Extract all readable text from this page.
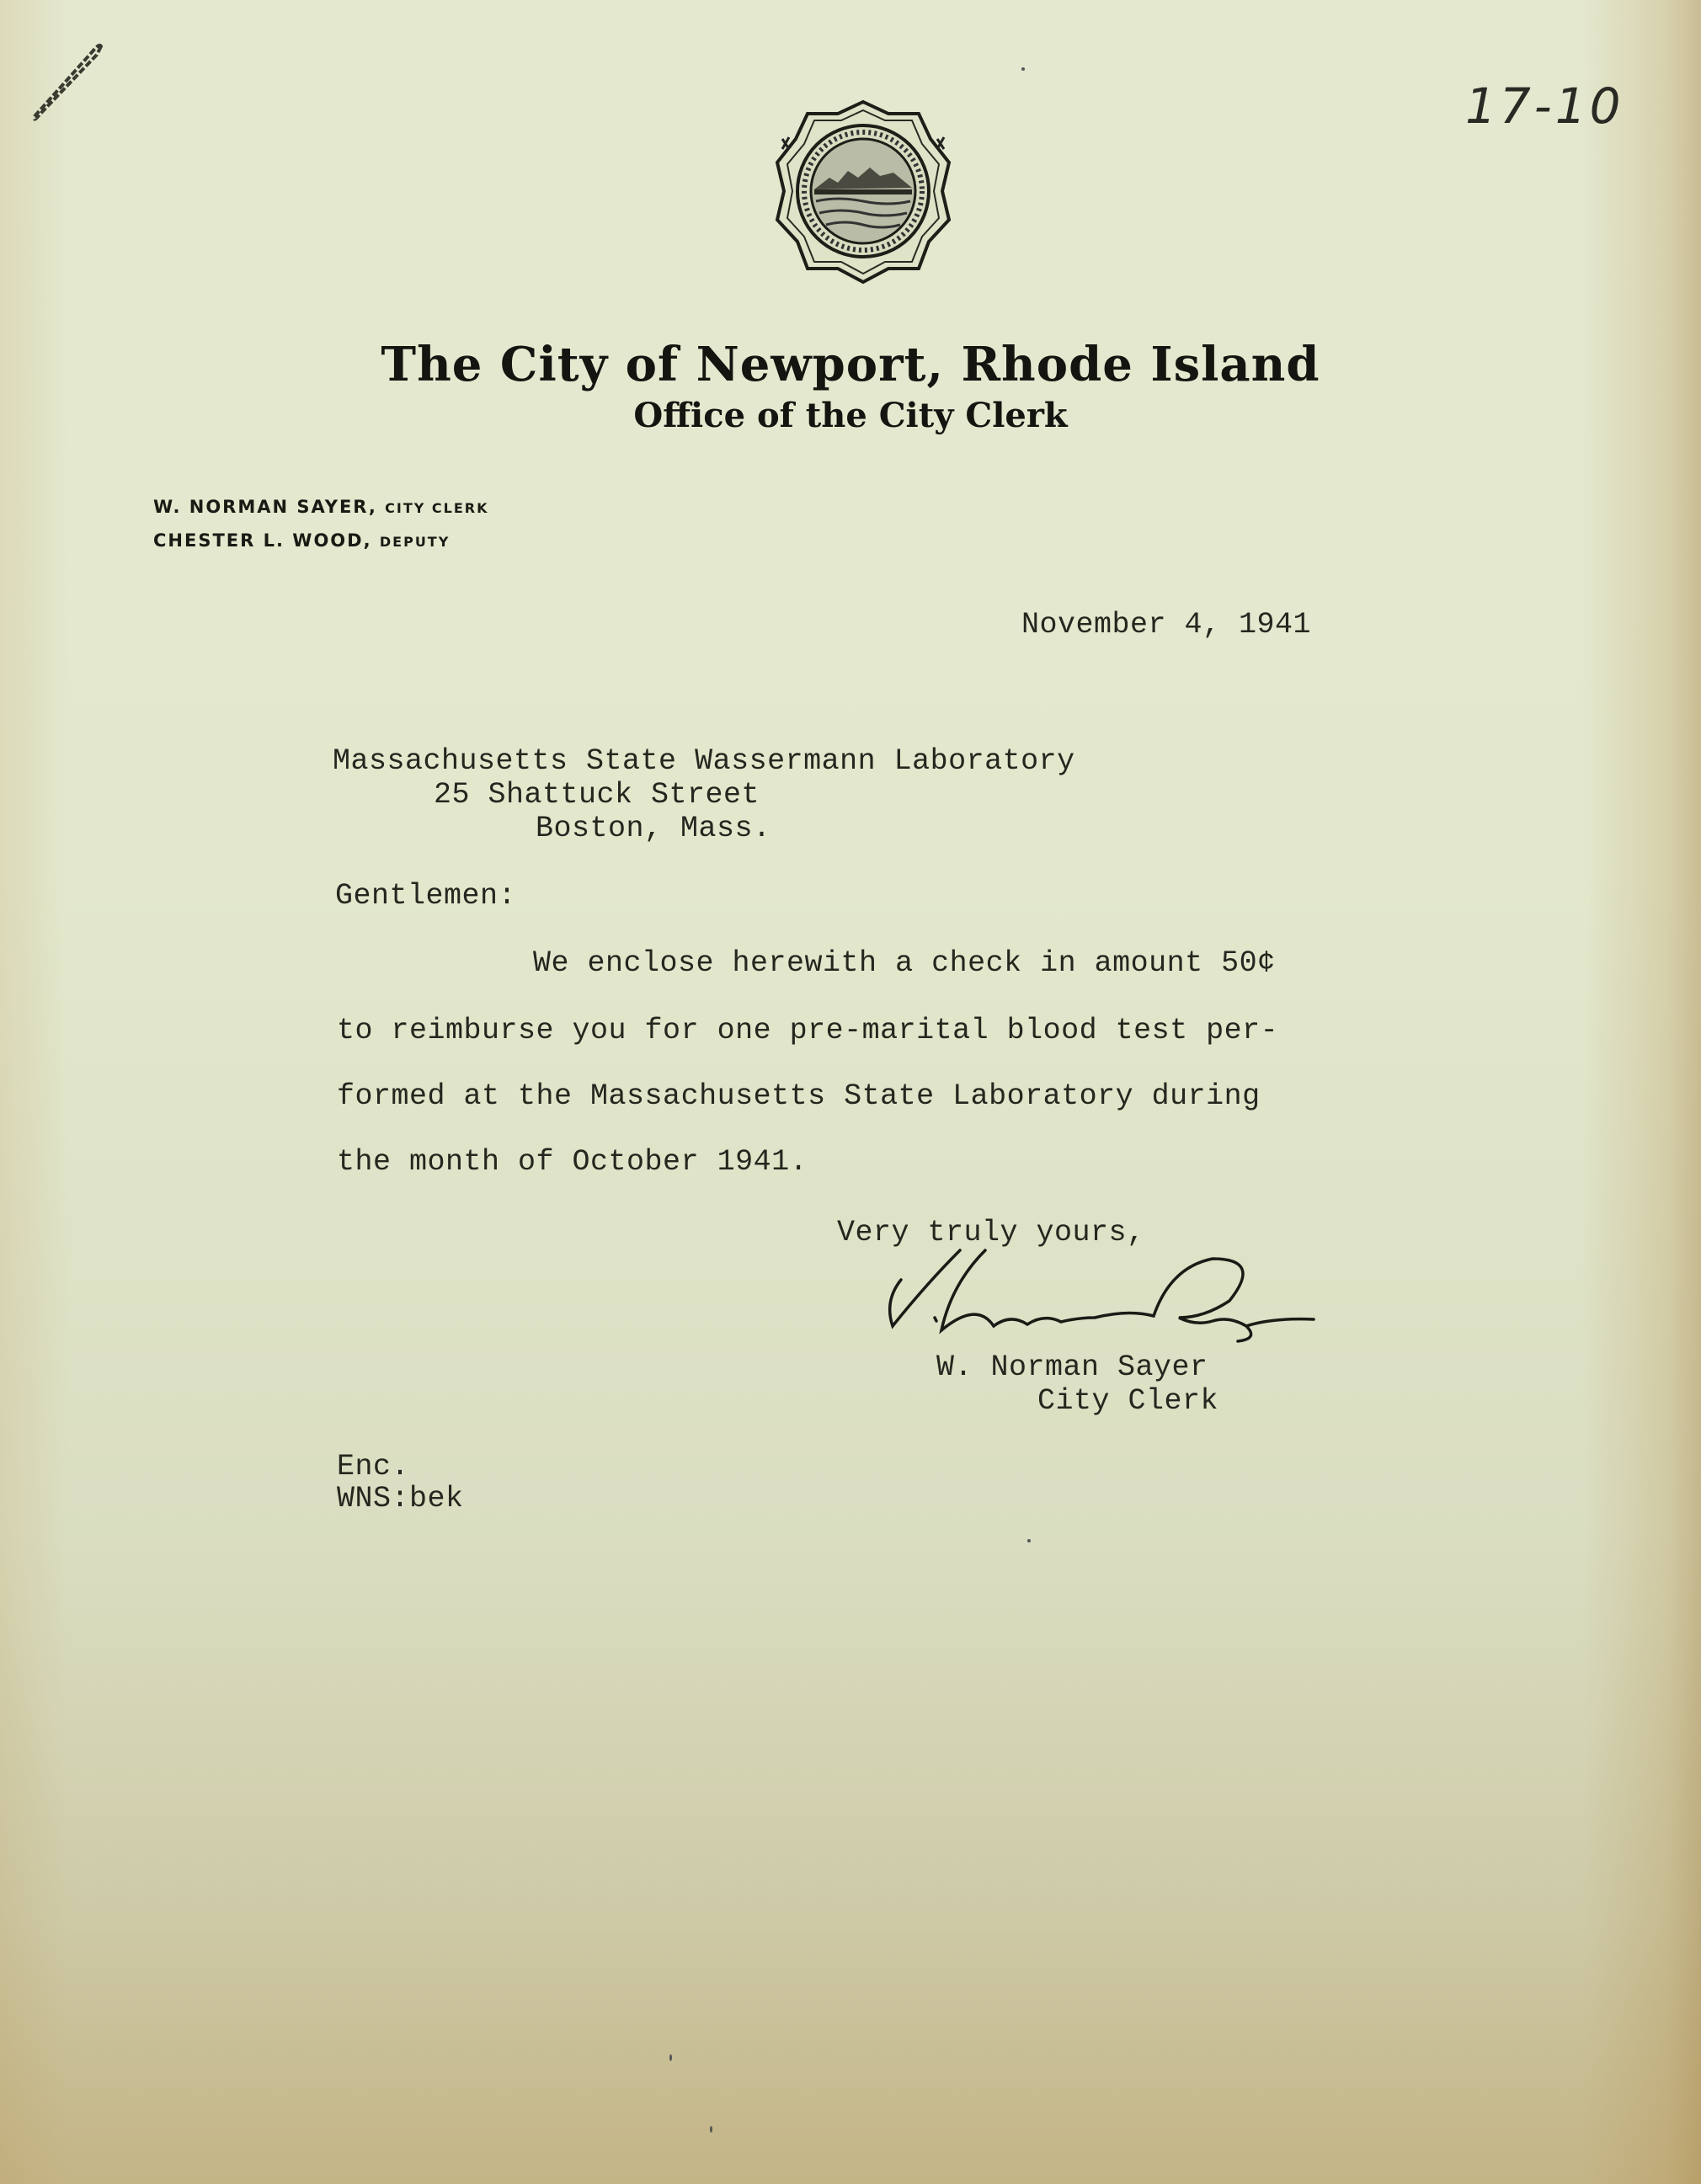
17-10
The City of Newport, Rhode Island
Office of the City Clerk
W. NORMAN SAYER, CITY CLERK
CHESTER L. WOOD, DEPUTY
November 4, 1941
Massachusetts State Wassermann Laboratory
25 Shattuck Street
Boston, Mass.
Gentlemen:
We enclose herewith a check in amount 50¢
to reimburse you for one pre-marital blood test per-
formed at the Massachusetts State Laboratory during
the month of October 1941.
Very truly yours,
W. Norman Sayer
City Clerk
Enc.
WNS:bek
